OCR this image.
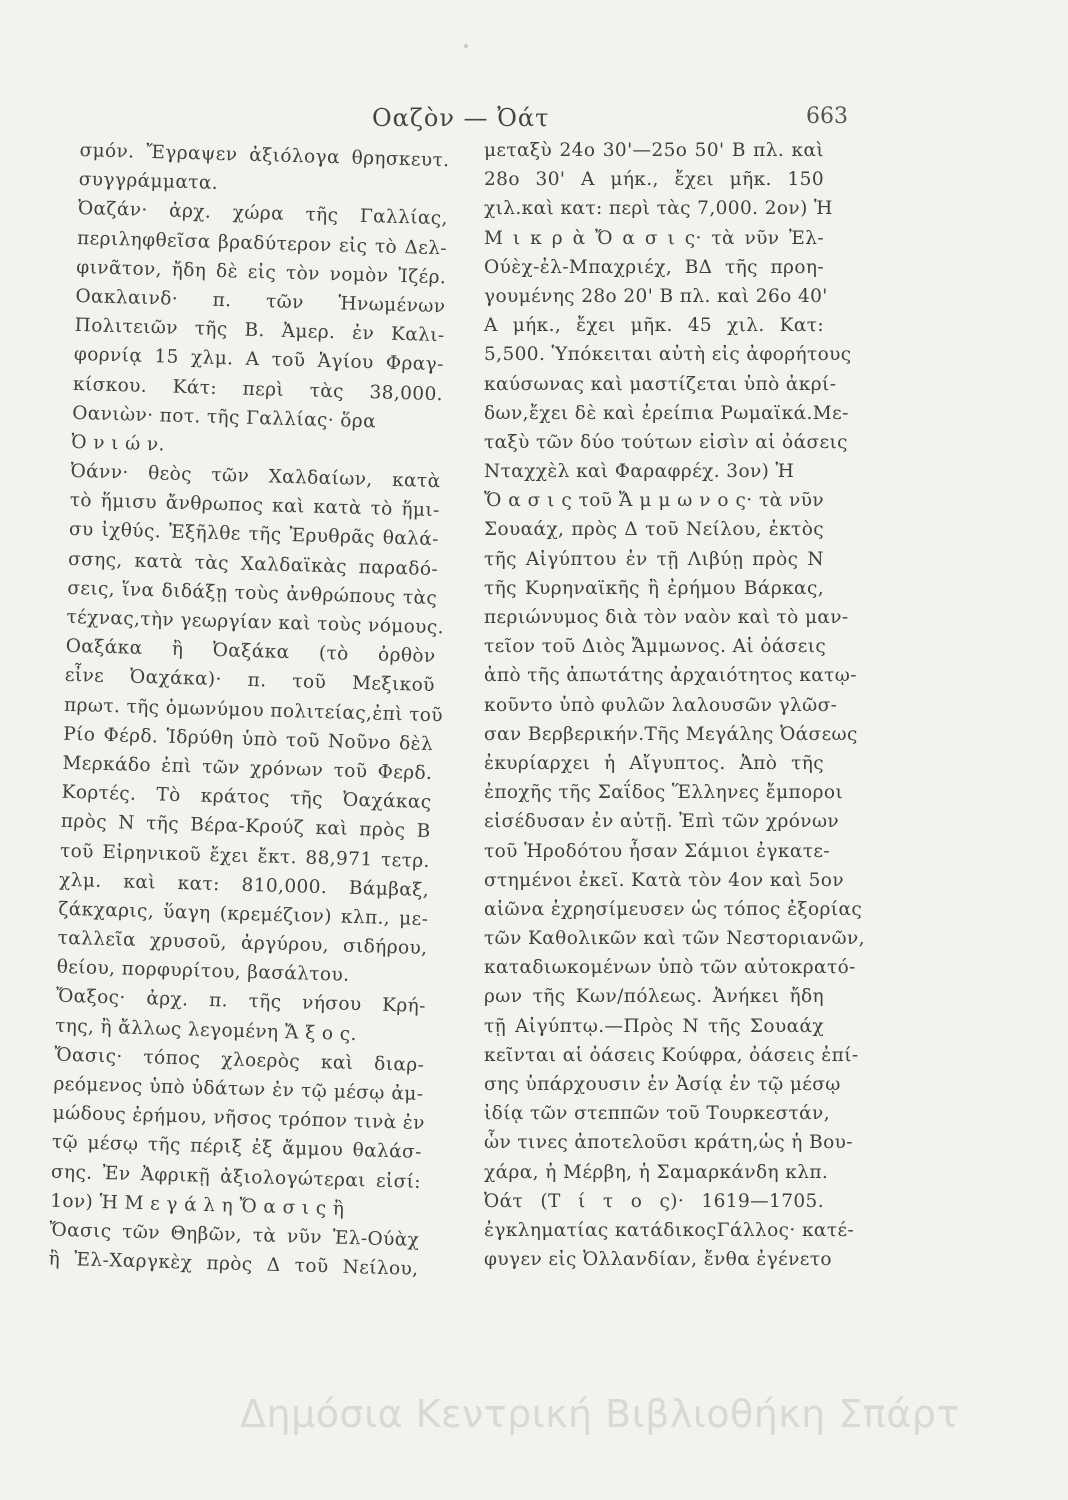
Οαζὸν — Ὀάτ	663
σμόν. Ἔγραψεν ἀξιόλογα θρησκευτ.
συγγράμματα.
Ὀαζάν· ἀρχ. χώρα τῆς Γαλλίας,
περιληφθεῖσα βραδύτερον εἰς τὸ Δελ-
φινᾶτον, ἤδη δὲ εἰς τὸν νομὸν Ἰζέρ.
Οακλαινδ· π. τῶν Ἡνωμένων
Πολιτειῶν τῆς Β. Ἀμερ. ἐν Καλι-
φορνίᾳ 15 χλμ. Α τοῦ Ἁγίου Φραγ-
κίσκου. Κάτ: περὶ τὰς 38,000.
Οανιὼν· ποτ. τῆς Γαλλίας· ὅρα
Ὀ ν ι ώ ν.
Ὀάνν· θεὸς τῶν Χαλδαίων, κατὰ
τὸ ἥμισυ ἄνθρωπος καὶ κατὰ τὸ ἥμι-
συ ἰχθύς. Ἐξῆλθε τῆς Ἐρυθρᾶς θαλά-
σσης, κατὰ τὰς Χαλδαϊκὰς παραδό-
σεις, ἵνα διδάξῃ τοὺς ἀνθρώπους τὰς
τέχνας,τὴν γεωργίαν καὶ τοὺς νόμους.
Οαξάκα ἢ Ὀαξάκα (τὸ ὀρθὸν
εἶνε Ὀαχάκα)· π. τοῦ Μεξικοῦ
πρωτ. τῆς ὁμωνύμου πολιτείας,ἐπὶ τοῦ
Ρίο Φέρδ. Ἱδρύθη ὑπὸ τοῦ Νοῦνο δὲλ
Μερκάδο ἐπὶ τῶν χρόνων τοῦ Φερδ.
Κορτές. Τὸ κράτος τῆς Ὀαχάκας
πρὸς Ν τῆς Βέρα-Κρούζ καὶ πρὸς Β
τοῦ Εἰρηνικοῦ ἔχει ἔκτ. 88,971 τετρ.
χλμ. καὶ κατ: 810,000. Βάμβαξ,
ζάκχαρις, ὕαγη (κρεμέζιον) κλπ., με-
ταλλεῖα χρυσοῦ, ἀργύρου, σιδήρου,
θείου, πορφυρίτου, βασάλτου.
Ὄαξος· ἀρχ. π. τῆς νήσου Κρή-
της, ἢ ἄλλως λεγομένη Ἄ ξ ο ς.
Ὄασις· τόπος χλοερὸς καὶ διαρ-
ρεόμενος ὑπὸ ὑδάτων ἐν τῷ μέσῳ ἀμ-
μώδους ἐρήμου, νῆσος τρόπον τινὰ ἐν
τῷ μέσῳ τῆς πέριξ ἐξ ἄμμου θαλάσ-
σης. Ἐν Ἀφρικῇ ἀξιολογώτεραι εἰσί:
1ον) Ἡ Μ ε γ ά λ η Ὄ α σ ι ς ἢ
Ὄασις τῶν Θηβῶν, τὰ νῦν Ἐλ-Ούὰχ
ἢ Ἐλ-Χαργκὲχ πρὸς Δ τοῦ Νείλου,
μεταξὺ 24ο 30'—25ο 50' Β πλ. καὶ
28ο 30' Α μήκ., ἔχει μῆκ. 150
χιλ.καὶ κατ: περὶ τὰς 7,000. 2ον) Ἡ
Μ ι κ ρ ὰ Ὄ α σ ι ς· τὰ νῦν Ἐλ-
Ούὲχ-ἐλ-Μπαχριέχ, ΒΔ τῆς προη-
γουμένης 28ο 20' Β πλ. καὶ 26ο 40'
Α μήκ., ἔχει μῆκ. 45 χιλ. Κατ:
5,500. Ὑπόκειται αὐτὴ εἰς ἀφορήτους
καύσωνας καὶ μαστίζεται ὑπὸ ἀκρί-
δων,ἔχει δὲ καὶ ἐρείπια Ρωμαϊκά.Με-
ταξὺ τῶν δύο τούτων εἰσὶν αἱ ὀάσεις
Νταχχὲλ καὶ Φαραφρέχ. 3ον) Ἡ
Ὄ α σ ι ς τοῦ Ἄ μ μ ω ν ο ς· τὰ νῦν
Σουαάχ, πρὸς Δ τοῦ Νείλου, ἐκτὸς
τῆς Αἰγύπτου ἐν τῇ Λιβύῃ πρὸς Ν
τῆς Κυρηναϊκῆς ἢ ἐρήμου Βάρκας,
περιώνυμος διὰ τὸν ναὸν καὶ τὸ μαν-
τεῖον τοῦ Διὸς Ἄμμωνος. Αἱ ὀάσεις
ἀπὸ τῆς ἀπωτάτης ἀρχαιότητος κατῳ-
κοῦντο ὑπὸ φυλῶν λαλουσῶν γλῶσ-
σαν Βερβερικήν.Τῆς Μεγάλης Ὀάσεως
ἐκυρίαρχει ἡ Αἴγυπτος. Ἀπὸ τῆς
ἐποχῆς τῆς Σαΐδος Ἕλληνες ἔμποροι
εἰσέδυσαν ἐν αὐτῇ. Ἐπὶ τῶν χρόνων
τοῦ Ἡροδότου ἦσαν Σάμιοι ἐγκατε-
στημένοι ἐκεῖ. Κατὰ τὸν 4ον καὶ 5ον
αἰῶνα ἐχρησίμευσεν ὡς τόπος ἐξορίας
τῶν Καθολικῶν καὶ τῶν Νεστοριανῶν,
καταδιωκομένων ὑπὸ τῶν αὐτοκρατό-
ρων τῆς Κων/πόλεως. Ἀνήκει ἤδη
τῇ Αἰγύπτῳ.—Πρὸς Ν τῆς Σουαάχ
κεῖνται αἱ ὀάσεις Κούφρα, ὀάσεις ἐπί-
σης ὑπάρχουσιν ἐν Ἀσίᾳ ἐν τῷ μέσῳ
ἰδίᾳ τῶν στεππῶν τοῦ Τουρκεστάν,
ὧν τινες ἀποτελοῦσι κράτη,ὡς ἡ Βου-
χάρα, ἡ Μέρβη, ἡ Σαμαρκάνδη κλπ.
Ὀάτ (Τ ί τ ο ς)· 1619—1705.
ἐγκληματίας κατάδικοςΓάλλος· κατέ-
φυγεν εἰς Ὀλλανδίαν, ἔνθα ἐγένετο
Δημόσια Κεντρική Βιβλιοθήκη Σπάρτ
